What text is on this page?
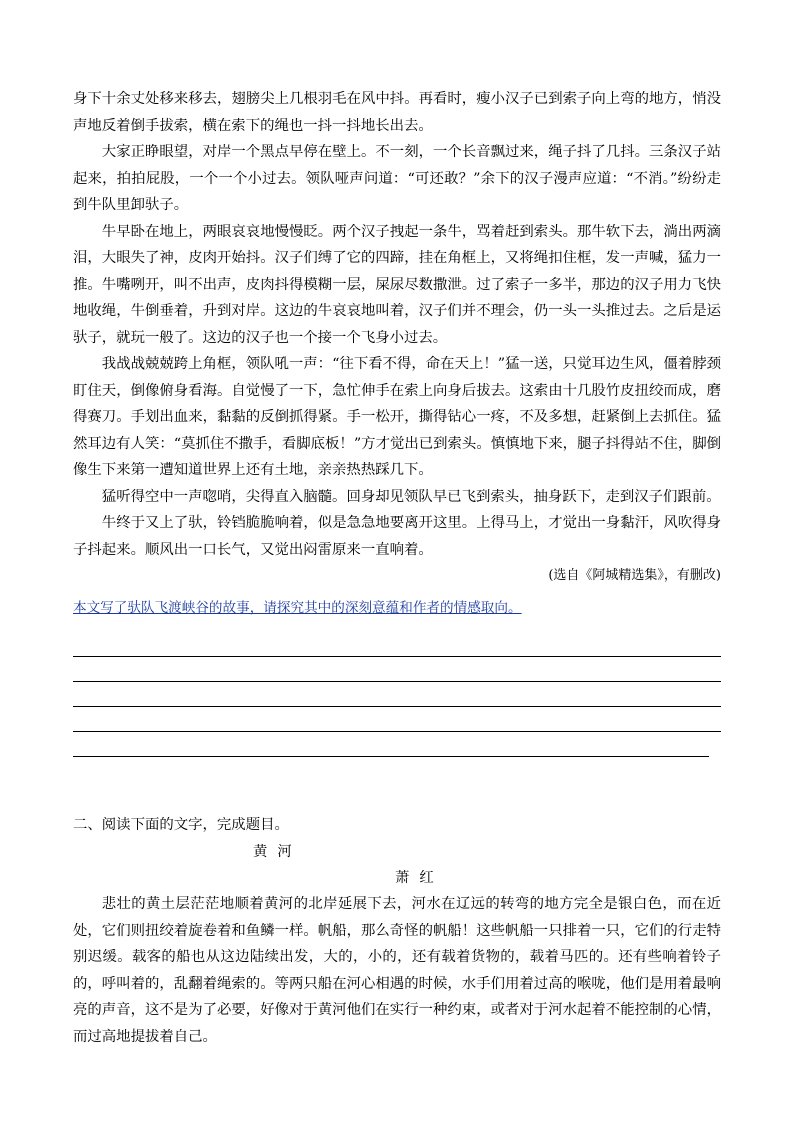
身下十余丈处移来移去，翅膀尖上几根羽毛在风中抖。再看时，瘦小汉子已到索子向上弯的地方，悄没声地反着倒手拔索，横在索下的绳也一抖一抖地长出去。

大家正睁眼望，对岸一个黑点早停在壁上。不一刻，一个长音飘过来，绳子抖了几抖。三条汉子站起来，拍拍屁股，一个一个小过去。领队哑声问道：“可还敢？”余下的汉子漫声应道：“不消。”纷纷走到牛队里卸驮子。

牛早卧在地上，两眼哀哀地慢慢眨。两个汉子拽起一条牛，骂着赶到索头。那牛软下去，淌出两滴泪，大眼失了神，皮肉开始抖。汉子们缚了它的四蹄，挂在角框上，又将绳扣住框，发一声喊，猛力一推。牛嘴咧开，叫不出声，皮肉抖得模糊一层，屎尿尽数撒泄。过了索子一多半，那边的汉子用力飞快地收绳，牛倒垂着，升到对岸。这边的牛哀哀地叫着，汉子们并不理会，仍一头一头推过去。之后是运驮子，就玩一般了。这边的汉子也一个接一个飞身小过去。

我战战兢兢跨上角框，领队吼一声：“往下看不得，命在天上！”猛一送，只觉耳边生风，僵着脖颈盯住天，倒像俯身看海。自觉慢了一下，急忙伸手在索上向身后拔去。这索由十几股竹皮扭绞而成，磨得赛刀。手划出血来，黏黏的反倒抓得紧。手一松开，撕得钻心一疼，不及多想，赶紧倒上去抓住。猛然耳边有人笑：“莫抓住不撒手，看脚底板！”方才觉出已到索头。慎慎地下来，腿子抖得站不住，脚倒像生下来第一遭知道世界上还有土地，亲亲热热踩几下。

猛听得空中一声唿哨，尖得直入脑髓。回身却见领队早已飞到索头，抽身跃下，走到汉子们跟前。

牛终于又上了驮，铃铛脆脆响着，似是急急地要离开这里。上得马上，才觉出一身黏汗，风吹得身子抖起来。顺风出一口长气，又觉出闷雷原来一直响着。

(选自《阿城精选集》，有删改)

本文写了驮队飞渡峡谷的故事，请探究其中的深刻意蕴和作者的情感取向。

二、阅读下面的文字，完成题目。

黄河

萧红

悲壮的黄土层茫茫地顺着黄河的北岸延展下去，河水在辽远的转弯的地方完全是银白色，而在近处，它们则扭绞着旋卷着和鱼鳞一样。帆船，那么奇怪的帆船！这些帆船一只排着一只，它们的行走特别迟缓。载客的船也从这边陆续出发，大的，小的，还有载着货物的，载着马匹的。还有些响着铃子的，呼叫着的，乱翻着绳索的。等两只船在河心相遇的时候，水手们用着过高的喉咙，他们是用着最响亮的声音，这不是为了必要，好像对于黄河他们在实行一种约束，或者对于河水起着不能控制的心情，而过高地提拔着自己。
